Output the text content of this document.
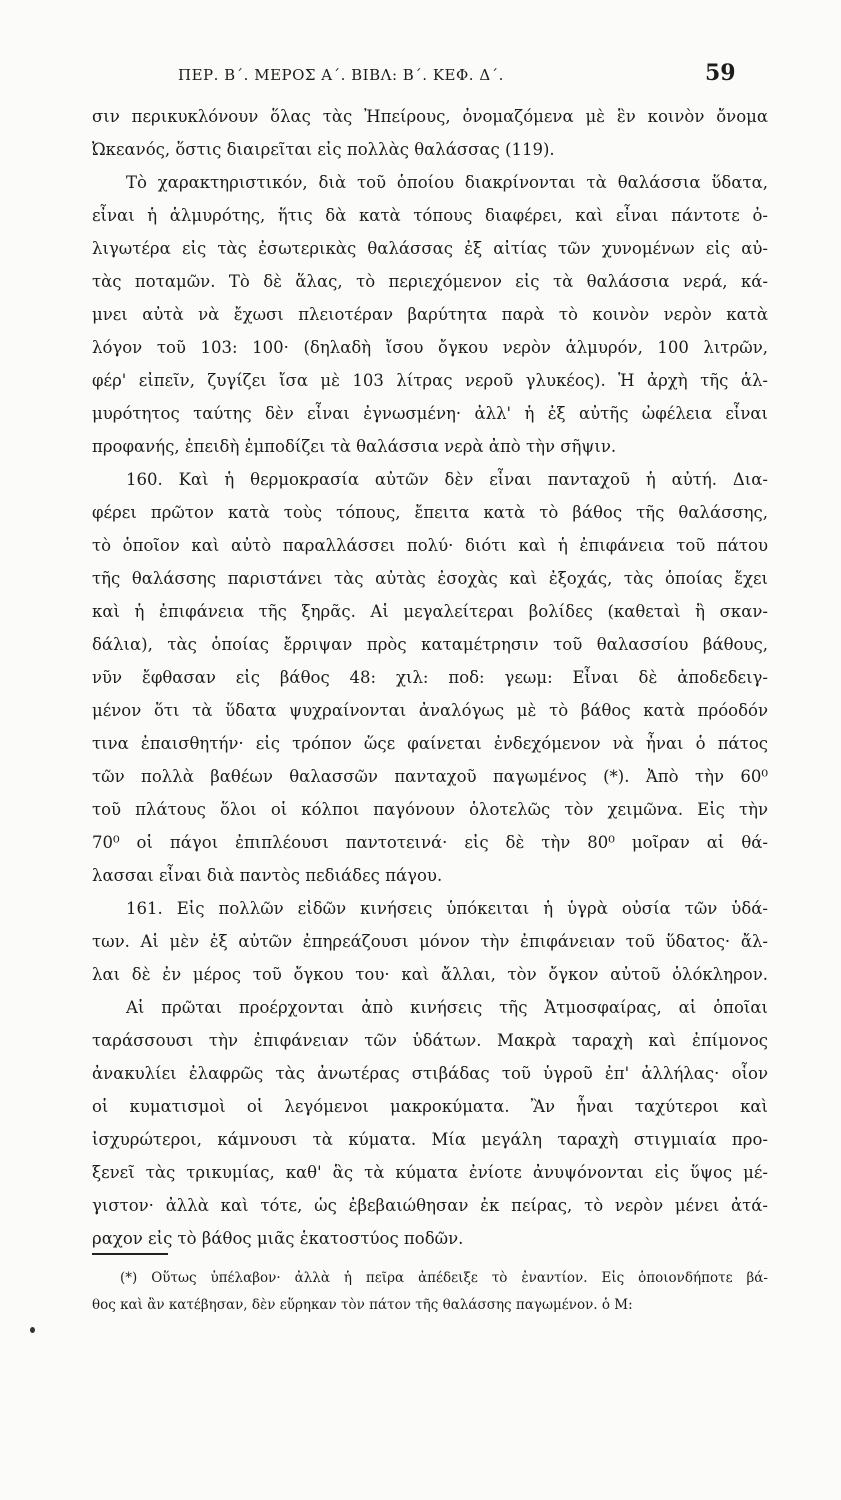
ΠΕΡ. Β΄. ΜΕΡΟΣ Α΄. ΒΙΒΛ: Β΄. ΚΕΦ. Δ΄.	59
σιν περικυκλόνουν ὅλας τὰς Ἠπείρους, ὀνομαζόμενα μὲ ἓν κοινὸν ὄνομα
Ὠκεανός, ὅστις διαιρεῖται εἰς πολλὰς θαλάσσας (119).
Τὸ χαρακτηριστικόν, διὰ τοῦ ὁποίου διακρίνονται τὰ θαλάσσια ὕδατα,
εἶναι ἡ ἁλμυρότης, ἥτις δὰ κατὰ τόπους διαφέρει, καὶ εἶναι πάντοτε ὀ-
λιγωτέρα εἰς τὰς ἐσωτερικὰς θαλάσσας ἐξ αἰτίας τῶν χυνομένων εἰς αὐ-
τὰς ποταμῶν. Τὸ δὲ ἅλας, τὸ περιεχόμενον εἰς τὰ θαλάσσια νερά, κά-
μνει αὐτὰ νὰ ἔχωσι πλειοτέραν βαρύτητα παρὰ τὸ κοινὸν νερὸν κατὰ
λόγον τοῦ 103: 100· (δηλαδὴ ἴσου ὄγκου νερὸν ἁλμυρόν, 100 λιτρῶν,
φέρ' εἰπεῖν, ζυγίζει ἴσα μὲ 103 λίτρας νεροῦ γλυκέος). Ἡ ἀρχὴ τῆς ἁλ-
μυρότητος ταύτης δὲν εἶναι ἐγνωσμένη· ἀλλ' ἡ ἐξ αὐτῆς ὠφέλεια εἶναι
προφανής, ἐπειδὴ ἐμποδίζει τὰ θαλάσσια νερὰ ἀπὸ τὴν σῆψιν.
160. Καὶ ἡ θερμοκρασία αὐτῶν δὲν εἶναι πανταχοῦ ἡ αὐτή. Δια-
φέρει πρῶτον κατὰ τοὺς τόπους, ἔπειτα κατὰ τὸ βάθος τῆς θαλάσσης,
τὸ ὁποῖον καὶ αὐτὸ παραλλάσσει πολύ· διότι καὶ ἡ ἐπιφάνεια τοῦ πάτου
τῆς θαλάσσης παριστάνει τὰς αὐτὰς ἐσοχὰς καὶ ἐξοχάς, τὰς ὁποίας ἔχει
καὶ ἡ ἐπιφάνεια τῆς ξηρᾶς. Αἱ μεγαλείτεραι βολίδες (καθεταὶ ἢ σκαν-
δάλια), τὰς ὁποίας ἔρριψαν πρὸς καταμέτρησιν τοῦ θαλασσίου βάθους,
νῦν ἔφθασαν εἰς βάθος 48: χιλ: ποδ: γεωμ: Εἶναι δὲ ἀποδεδειγ-
μένον ὅτι τὰ ὕδατα ψυχραίνονται ἀναλόγως μὲ τὸ βάθος κατὰ πρόοδόν
τινα ἐπαισθητήν· εἰς τρόπον ὥςε φαίνεται ἐνδεχόμενον νὰ ἦναι ὁ πάτος
τῶν πολλὰ βαθέων θαλασσῶν πανταχοῦ παγωμένος (*). Ἀπὸ τὴν 60⁰
τοῦ πλάτους ὅλοι οἱ κόλποι παγόνουν ὁλοτελῶς τὸν χειμῶνα. Εἰς τὴν
70⁰ οἱ πάγοι ἐπιπλέουσι παντοτεινά· εἰς δὲ τὴν 80⁰ μοῖραν αἱ θά-
λασσαι εἶναι διὰ παντὸς πεδιάδες πάγου.
161. Εἰς πολλῶν εἰδῶν κινήσεις ὑπόκειται ἡ ὑγρὰ οὐσία τῶν ὑδά-
των. Αἱ μὲν ἐξ αὐτῶν ἐπηρεάζουσι μόνον τὴν ἐπιφάνειαν τοῦ ὕδατος· ἄλ-
λαι δὲ ἐν μέρος τοῦ ὄγκου του· καὶ ἄλλαι, τὸν ὄγκον αὐτοῦ ὁλόκληρον.
Αἱ πρῶται προέρχονται ἀπὸ κινήσεις τῆς Ἀτμοσφαίρας, αἱ ὁποῖαι
ταράσσουσι τὴν ἐπιφάνειαν τῶν ὑδάτων. Μακρὰ ταραχὴ καὶ ἐπίμονος
ἀνακυλίει ἐλαφρῶς τὰς ἀνωτέρας στιβάδας τοῦ ὑγροῦ ἐπ' ἀλλήλας· οἷον
οἱ κυματισμοὶ οἱ λεγόμενοι μακροκύματα. Ἂν ἦναι ταχύτεροι καὶ
ἰσχυρώτεροι, κάμνουσι τὰ κύματα. Μία μεγάλη ταραχὴ στιγμιαία προ-
ξενεῖ τὰς τρικυμίας, καθ' ἃς τὰ κύματα ἐνίοτε ἀνυψόνονται εἰς ὕψος μέ-
γιστον· ἀλλὰ καὶ τότε, ὡς ἐβεβαιώθησαν ἐκ πείρας, τὸ νερὸν μένει ἀτά-
ραχον εἰς τὸ βάθος μιᾶς ἑκατοστύος ποδῶν.
(*) Οὕτως ὑπέλαβον· ἀλλὰ ἡ πεῖρα ἀπέδειξε τὸ ἐναντίον. Εἰς ὁποιονδήποτε βά-
θος καὶ ἂν κατέβησαν, δὲν εὕρηκαν τὸν πάτον τῆς θαλάσσης παγωμένον. ὁ Μ:
